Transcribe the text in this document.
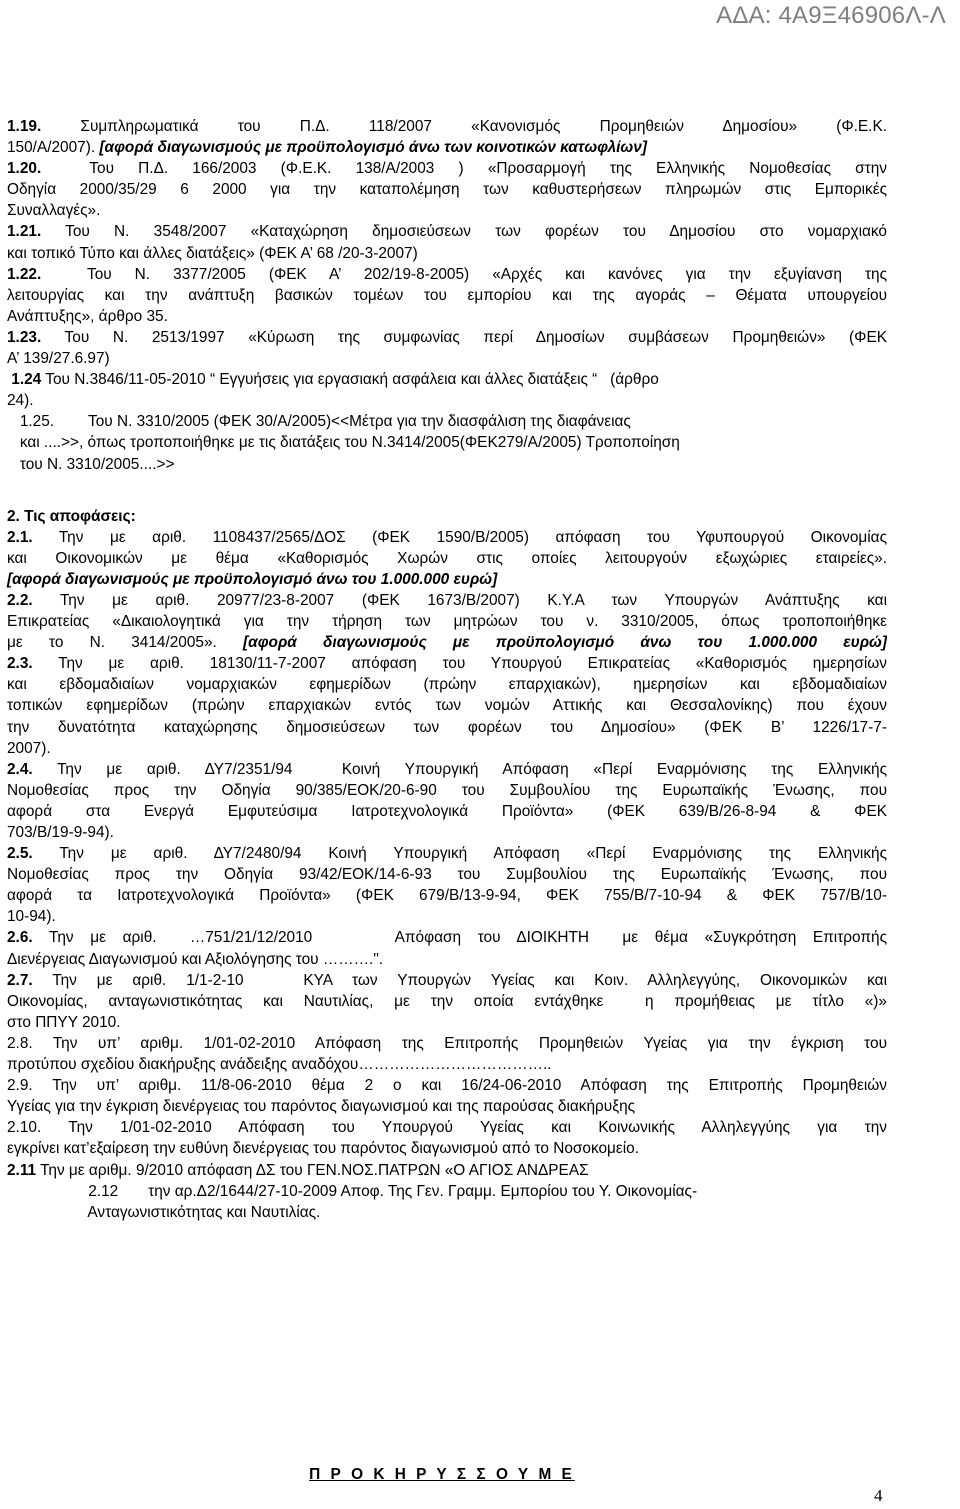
ΑΔΑ: 4Α9Ξ46906Λ-Λ
1.19.  Συμπληρωματικά  του  Π.Δ.  118/2007  «Κανονισμός  Προμηθειών  Δημοσίου»  (Φ.Ε.Κ.
150/Α/2007). [αφορά διαγωνισμούς με προϋπολογισμό άνω των κοινοτικών κατωφλίων]
1.20.  Του Π.Δ. 166/2003 (Φ.Ε.Κ. 138/Α/2003 ) «Προσαρμογή της Ελληνικής Νομοθεσίας στην
Οδηγία 2000/35/29 6 2000 για την καταπολέμηση των καθυστερήσεων πληρωμών στις Εμπορικές
Συναλλαγές».
1.21. Του Ν. 3548/2007 «Καταχώρηση δημοσιεύσεων των φορέων του Δημοσίου στο νομαρχιακό
και τοπικό Τύπο και άλλες διατάξεις» (ΦΕΚ Α’ 68 /20-3-2007)
1.22.  Του Ν. 3377/2005 (ΦΕΚ Α’ 202/19-8-2005) «Αρχές και κανόνες για την εξυγίανση της
λειτουργίας και την ανάπτυξη βασικών τομέων του εμπορίου και της αγοράς – Θέματα υπουργείου
Ανάπτυξης», άρθρο 35.
1.23. Του Ν. 2513/1997 «Κύρωση της συμφωνίας περί Δημοσίων συμβάσεων Προμηθειών» (ΦΕΚ
Α’ 139/27.6.97)
1.24 Του Ν.3846/11-05-2010 “ Εγγυήσεις για εργασιακή ασφάλεια και άλλες διατάξεις “   (άρθρο
24).
1.25.        Του Ν. 3310/2005 (ΦΕΚ 30/Α/2005)<<Μέτρα για την διασφάλιση της διαφάνειας
και ....>>, όπως τροποποιήθηκε με τις διατάξεις του Ν.3414/2005(ΦΕΚ279/Α/2005) Τροποποίηση
του Ν. 3310/2005....>>
2. Τις αποφάσεις:
2.1. Την με αριθ. 1108437/2565/ΔΟΣ (ΦΕΚ 1590/Β/2005) απόφαση του Υφυπουργού Οικονομίας
και Οικονομικών με θέμα «Καθορισμός Χωρών στις οποίες λειτουργούν εξωχώριες εταιρείες».
[αφορά διαγωνισμούς με προϋπολογισμό άνω του 1.000.000 ευρώ]
2.2. Την με αριθ. 20977/23-8-2007 (ΦΕΚ 1673/Β/2007) Κ.Υ.Α των Υπουργών Ανάπτυξης και
Επικρατείας «Δικαιολογητικά για την τήρηση των μητρώων του ν. 3310/2005, όπως τροποποιήθηκε
με το Ν. 3414/2005». [αφορά διαγωνισμούς με προϋπολογισμό άνω του 1.000.000 ευρώ]
2.3. Την με αριθ. 18130/11-7-2007 απόφαση του Υπουργού Επικρατείας «Καθορισμός ημερησίων
και εβδομαδιαίων νομαρχιακών εφημερίδων (πρώην επαρχιακών), ημερησίων και εβδομαδιαίων
τοπικών εφημερίδων (πρώην επαρχιακών εντός των νομών Αττικής και Θεσσαλονίκης) που έχουν
την δυνατότητα καταχώρησης δημοσιεύσεων των φορέων του Δημοσίου» (ΦΕΚ Β’ 1226/17-7-
2007).
2.4. Την με αριθ. ΔΥ7/2351/94  Κοινή Υπουργική Απόφαση «Περί Εναρμόνισης της Ελληνικής
Νομοθεσίας προς την Οδηγία 90/385/ΕΟΚ/20-6-90 του Συμβουλίου της Ευρωπαϊκής Ένωσης, που
αφορά στα Ενεργά Εμφυτεύσιμα Ιατροτεχνολογικά Προϊόντα» (ΦΕΚ 639/Β/26-8-94 & ΦΕΚ
703/Β/19-9-94).
2.5. Την με αριθ. ΔΥ7/2480/94 Κοινή Υπουργική Απόφαση «Περί Εναρμόνισης της Ελληνικής
Νομοθεσίας προς την Οδηγία 93/42/ΕΟΚ/14-6-93 του Συμβουλίου της Ευρωπαϊκής Ένωσης, που
αφορά τα Ιατροτεχνολογικά Προϊόντα» (ΦΕΚ 679/Β/13-9-94, ΦΕΚ 755/Β/7-10-94 & ΦΕΚ 757/Β/10-
10-94).
2.6. Την με αριθ.  …751/21/12/2010     Απόφαση του ΔΙΟΙΚΗΤΗ  με θέμα «Συγκρότηση Επιτροπής
Διενέργειας Διαγωνισμού και Αξιολόγησης του ……….".
2.7. Την με αριθ. 1/1-2-10   ΚΥΑ των Υπουργών Υγείας και Κοιν. Αλληλεγγύης, Οικονομικών και
Οικονομίας, ανταγωνιστικότητας και Ναυτιλίας, με την οποία εντάχθηκε  η προμήθειας με τίτλο «)»
στο ΠΠΥΥ 2010.
2.8. Την υπ’ αριθμ. 1/01-02-2010 Απόφαση της Επιτροπής Προμηθειών Υγείας για την έγκριση του
προτύπου σχεδίου διακήρυξης ανάδειξης αναδόχου………………………………..
2.9. Την υπ’ αριθμ. 11/8-06-2010 θέμα 2 ο και 16/24-06-2010 Απόφαση της Επιτροπής Προμηθειών
Υγείας για την έγκριση διενέργειας του παρόντος διαγωνισμού και της παρούσας διακήρυξης
2.10. Την 1/01-02-2010 Απόφαση του Υπουργού Υγείας και Κοινωνικής Αλληλεγγύης για την
εγκρίνει κατ’εξαίρεση την ευθύνη διενέργειας του παρόντος διαγωνισμού από το Νοσοκομείο.
2.11 Την με αριθμ. 9/2010 απόφαση ΔΣ του ΓΕΝ.ΝΟΣ.ΠΑΤΡΩΝ «Ο ΑΓΙΟΣ ΑΝΔΡΕΑΣ
2.12       την αρ.Δ2/1644/27-10-2009 Αποφ. Της Γεν. Γραμμ. Εμπορίου του Υ. Οικονομίας-
Ανταγωνιστικότητας και Ναυτιλίας.
Π Ρ Ο Κ Η Ρ Υ Σ Σ Ο Υ Μ Ε
4
